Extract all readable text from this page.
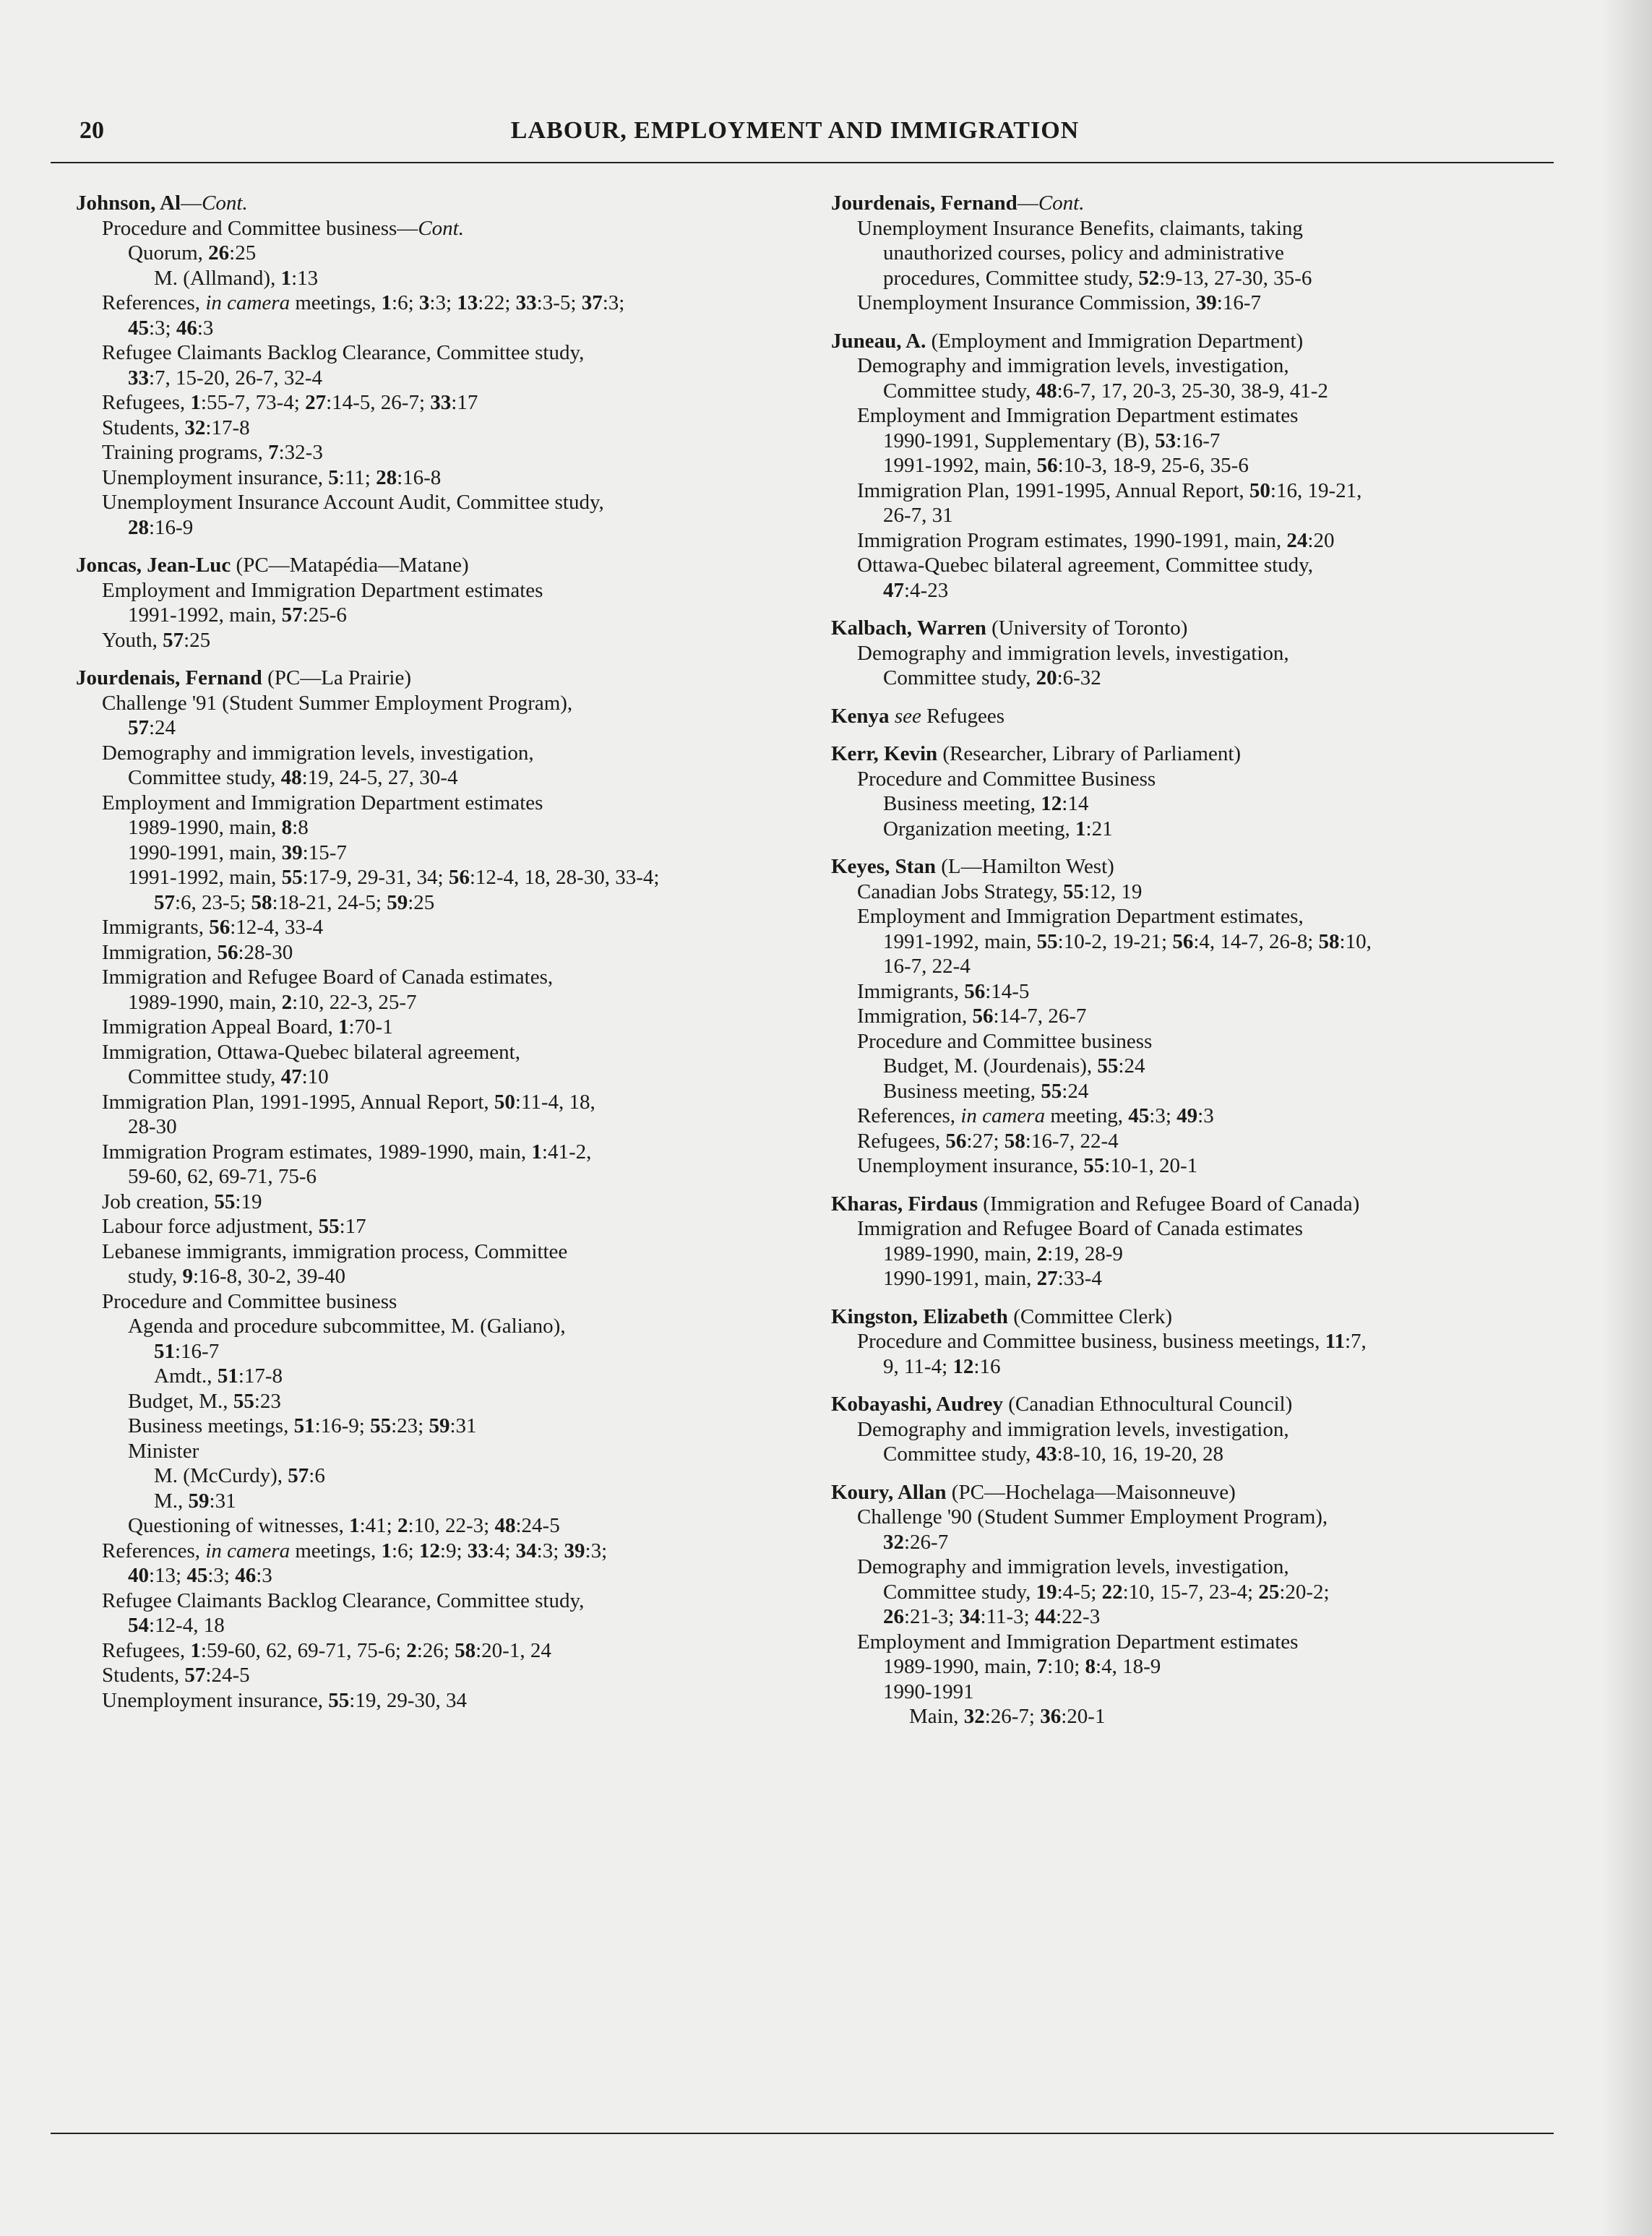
20	LABOUR, EMPLOYMENT AND IMMIGRATION
Johnson, Al—Cont.
Procedure and Committee business—Cont.
Quorum, 26:25
M. (Allmand), 1:13
References, in camera meetings, 1:6; 3:3; 13:22; 33:3-5; 37:3;
45:3; 46:3
Refugee Claimants Backlog Clearance, Committee study,
33:7, 15-20, 26-7, 32-4
Refugees, 1:55-7, 73-4; 27:14-5, 26-7; 33:17
Students, 32:17-8
Training programs, 7:32-3
Unemployment insurance, 5:11; 28:16-8
Unemployment Insurance Account Audit, Committee study,
28:16-9
Joncas, Jean-Luc (PC—Matapédia—Matane)
Employment and Immigration Department estimates
1991-1992, main, 57:25-6
Youth, 57:25
Jourdenais, Fernand (PC—La Prairie)
Challenge '91 (Student Summer Employment Program),
57:24
Demography and immigration levels, investigation,
Committee study, 48:19, 24-5, 27, 30-4
Employment and Immigration Department estimates
1989-1990, main, 8:8
1990-1991, main, 39:15-7
1991-1992, main, 55:17-9, 29-31, 34; 56:12-4, 18, 28-30, 33-4;
57:6, 23-5; 58:18-21, 24-5; 59:25
Immigrants, 56:12-4, 33-4
Immigration, 56:28-30
Immigration and Refugee Board of Canada estimates,
1989-1990, main, 2:10, 22-3, 25-7
Immigration Appeal Board, 1:70-1
Immigration, Ottawa-Quebec bilateral agreement,
Committee study, 47:10
Immigration Plan, 1991-1995, Annual Report, 50:11-4, 18,
28-30
Immigration Program estimates, 1989-1990, main, 1:41-2,
59-60, 62, 69-71, 75-6
Job creation, 55:19
Labour force adjustment, 55:17
Lebanese immigrants, immigration process, Committee
study, 9:16-8, 30-2, 39-40
Procedure and Committee business
Agenda and procedure subcommittee, M. (Galiano),
51:16-7
Amdt., 51:17-8
Budget, M., 55:23
Business meetings, 51:16-9; 55:23; 59:31
Minister
M. (McCurdy), 57:6
M., 59:31
Questioning of witnesses, 1:41; 2:10, 22-3; 48:24-5
References, in camera meetings, 1:6; 12:9; 33:4; 34:3; 39:3;
40:13; 45:3; 46:3
Refugee Claimants Backlog Clearance, Committee study,
54:12-4, 18
Refugees, 1:59-60, 62, 69-71, 75-6; 2:26; 58:20-1, 24
Students, 57:24-5
Unemployment insurance, 55:19, 29-30, 34
Jourdenais, Fernand—Cont.
Unemployment Insurance Benefits, claimants, taking
unauthorized courses, policy and administrative
procedures, Committee study, 52:9-13, 27-30, 35-6
Unemployment Insurance Commission, 39:16-7
Juneau, A. (Employment and Immigration Department)
Demography and immigration levels, investigation,
Committee study, 48:6-7, 17, 20-3, 25-30, 38-9, 41-2
Employment and Immigration Department estimates
1990-1991, Supplementary (B), 53:16-7
1991-1992, main, 56:10-3, 18-9, 25-6, 35-6
Immigration Plan, 1991-1995, Annual Report, 50:16, 19-21,
26-7, 31
Immigration Program estimates, 1990-1991, main, 24:20
Ottawa-Quebec bilateral agreement, Committee study,
47:4-23
Kalbach, Warren (University of Toronto)
Demography and immigration levels, investigation,
Committee study, 20:6-32
Kenya see Refugees
Kerr, Kevin (Researcher, Library of Parliament)
Procedure and Committee Business
Business meeting, 12:14
Organization meeting, 1:21
Keyes, Stan (L—Hamilton West)
Canadian Jobs Strategy, 55:12, 19
Employment and Immigration Department estimates,
1991-1992, main, 55:10-2, 19-21; 56:4, 14-7, 26-8; 58:10,
16-7, 22-4
Immigrants, 56:14-5
Immigration, 56:14-7, 26-7
Procedure and Committee business
Budget, M. (Jourdenais), 55:24
Business meeting, 55:24
References, in camera meeting, 45:3; 49:3
Refugees, 56:27; 58:16-7, 22-4
Unemployment insurance, 55:10-1, 20-1
Kharas, Firdaus (Immigration and Refugee Board of Canada)
Immigration and Refugee Board of Canada estimates
1989-1990, main, 2:19, 28-9
1990-1991, main, 27:33-4
Kingston, Elizabeth (Committee Clerk)
Procedure and Committee business, business meetings, 11:7,
9, 11-4; 12:16
Kobayashi, Audrey (Canadian Ethnocultural Council)
Demography and immigration levels, investigation,
Committee study, 43:8-10, 16, 19-20, 28
Koury, Allan (PC—Hochelaga—Maisonneuve)
Challenge '90 (Student Summer Employment Program),
32:26-7
Demography and immigration levels, investigation,
Committee study, 19:4-5; 22:10, 15-7, 23-4; 25:20-2;
26:21-3; 34:11-3; 44:22-3
Employment and Immigration Department estimates
1989-1990, main, 7:10; 8:4, 18-9
1990-1991
Main, 32:26-7; 36:20-1
